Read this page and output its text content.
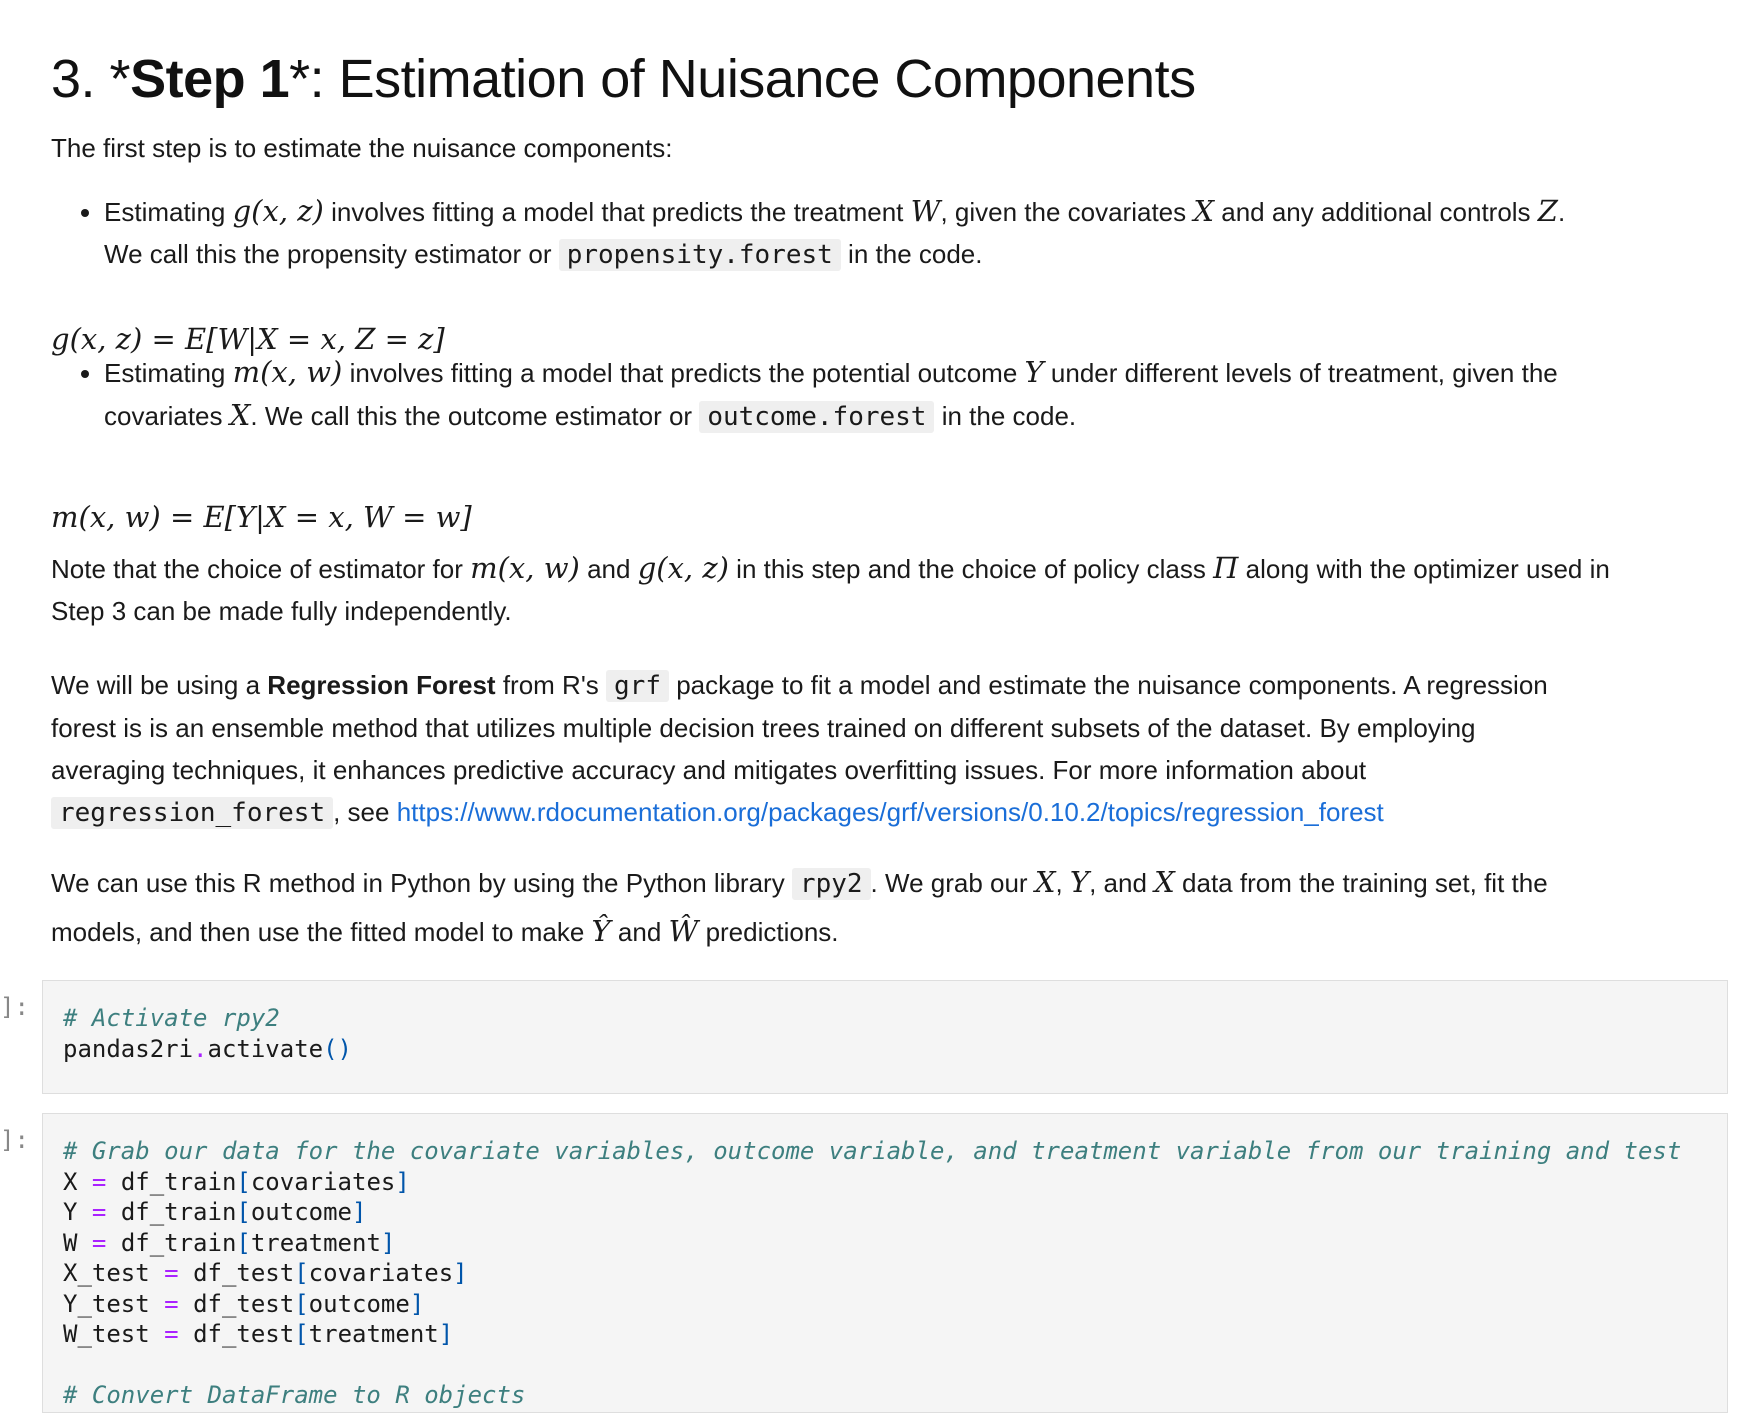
3. *Step 1*: Estimation of Nuisance Components

The first step is to estimate the nuisance components:

• Estimating g(x, z) involves fitting a model that predicts the treatment W, given the covariates X and any additional controls Z.
We call this the propensity estimator or propensity.forest in the code.
g(x, z) = E[W|X = x, Z = z]
• Estimating m(x, w) involves fitting a model that predicts the potential outcome Y under different levels of treatment, given the
covariates X. We call this the outcome estimator or outcome.forest in the code.
m(x, w) = E[Y|X = x, W = w]

Note that the choice of estimator for m(x, w) and g(x, z) in this step and the choice of policy class Π along with the optimizer used in
Step 3 can be made fully independently.

We will be using a Regression Forest from R's grf package to fit a model and estimate the nuisance components. A regression
forest is is an ensemble method that utilizes multiple decision trees trained on different subsets of the dataset. By employing
averaging techniques, it enhances predictive accuracy and mitigates overfitting issues. For more information about
regression_forest , see https://www.rdocumentation.org/packages/grf/versions/0.10.2/topics/regression_forest

We can use this R method in Python by using the Python library rpy2 . We grab our X, Y, and X data from the training set, fit the
models, and then use the fitted model to make Ŷ and Ŵ predictions.

]:	# Activate rpy2
pandas2ri.activate()
]:	# Grab our data for the covariate variables, outcome variable, and treatment variable from our training and test
X = df_train[covariates]
Y = df_train[outcome]
W = df_train[treatment]
X_test = df_test[covariates]
Y_test = df_test[outcome]
W_test = df_test[treatment]

# Convert DataFrame to R objects
